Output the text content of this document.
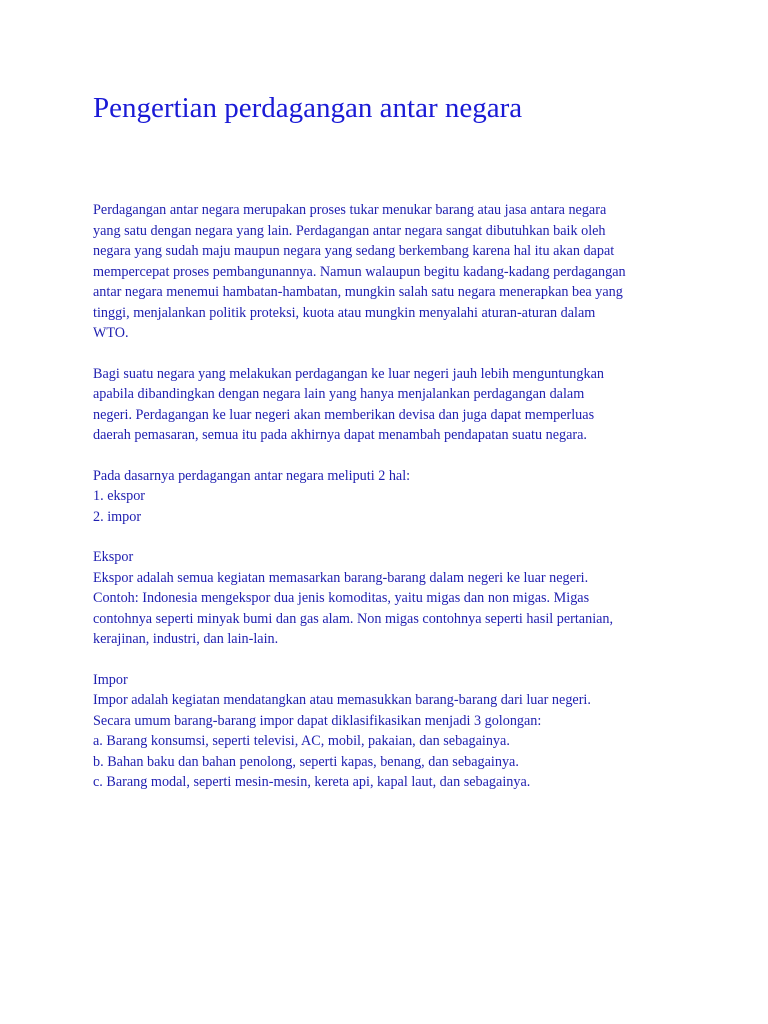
Pengertian perdagangan antar negara
Perdagangan antar negara merupakan proses tukar menukar barang atau jasa antara negara
yang satu dengan negara yang lain. Perdagangan antar negara sangat dibutuhkan baik oleh
negara yang sudah maju maupun negara yang sedang berkembang karena hal itu akan dapat
mempercepat proses pembangunannya. Namun walaupun begitu kadang-kadang perdagangan
antar negara menemui hambatan-hambatan, mungkin salah satu negara menerapkan bea yang
tinggi, menjalankan politik proteksi, kuota atau mungkin menyalahi aturan-aturan dalam
WTO.
Bagi suatu negara yang melakukan perdagangan ke luar negeri jauh lebih menguntungkan
apabila dibandingkan dengan negara lain yang hanya menjalankan perdagangan dalam
negeri. Perdagangan ke luar negeri akan memberikan devisa dan juga dapat memperluas
daerah pemasaran, semua itu pada akhirnya dapat menambah pendapatan suatu negara.
Pada dasarnya perdagangan antar negara meliputi 2 hal:
1. ekspor
2. impor
Ekspor
Ekspor adalah semua kegiatan memasarkan barang-barang dalam negeri ke luar negeri.
Contoh: Indonesia mengekspor dua jenis komoditas, yaitu migas dan non migas. Migas
contohnya seperti minyak bumi dan gas alam. Non migas contohnya seperti hasil pertanian,
kerajinan, industri, dan lain-lain.
Impor
Impor adalah kegiatan mendatangkan atau memasukkan barang-barang dari luar negeri.
Secara umum barang-barang impor dapat diklasifikasikan menjadi 3 golongan:
a. Barang konsumsi, seperti televisi, AC, mobil, pakaian, dan sebagainya.
b. Bahan baku dan bahan penolong, seperti kapas, benang, dan sebagainya.
c. Barang modal, seperti mesin-mesin, kereta api, kapal laut, dan sebagainya.
